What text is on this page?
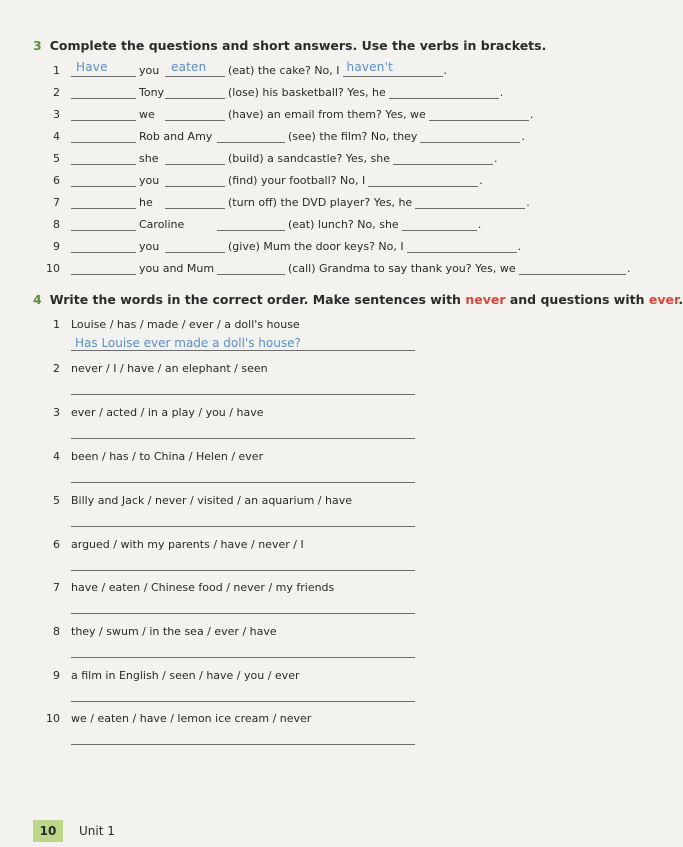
3 Complete the questions and short answers. Use the verbs in brackets.
1 Have	you eaten (eat) the cake? No, I haven't	.
2	Tony	(lose) his basketball? Yes, he	.
3	we	(have) an email from them? Yes, we	.
4	Rob and Amy	(see) the film? No, they	.
5	she	(build) a sandcastle? Yes, she	.
6	you	(find) your football? No, I	.
7	he	(turn off) the DVD player? Yes, he	.
8	Caroline	(eat) lunch? No, she	.
9	you	(give) Mum the door keys? No, I	.
10	you and Mum	(call) Grandma to say thank you? Yes, we	.
4 Write the words in the correct order. Make sentences with never and questions with ever.
1 Louise / has / made / ever / a doll's house
Has Louise ever made a doll's house?
2 never / I / have / an elephant / seen
3 ever / acted / in a play / you / have
4 been / has / to China / Helen / ever
5 Billy and Jack / never / visited / an aquarium / have
6 argued / with my parents / have / never / I
7 have / eaten / Chinese food / never / my friends
8 they / swum / in the sea / ever / have
9 a film in English / seen / have / you / ever
10 we / eaten / have / lemon ice cream / never
10	Unit 1
